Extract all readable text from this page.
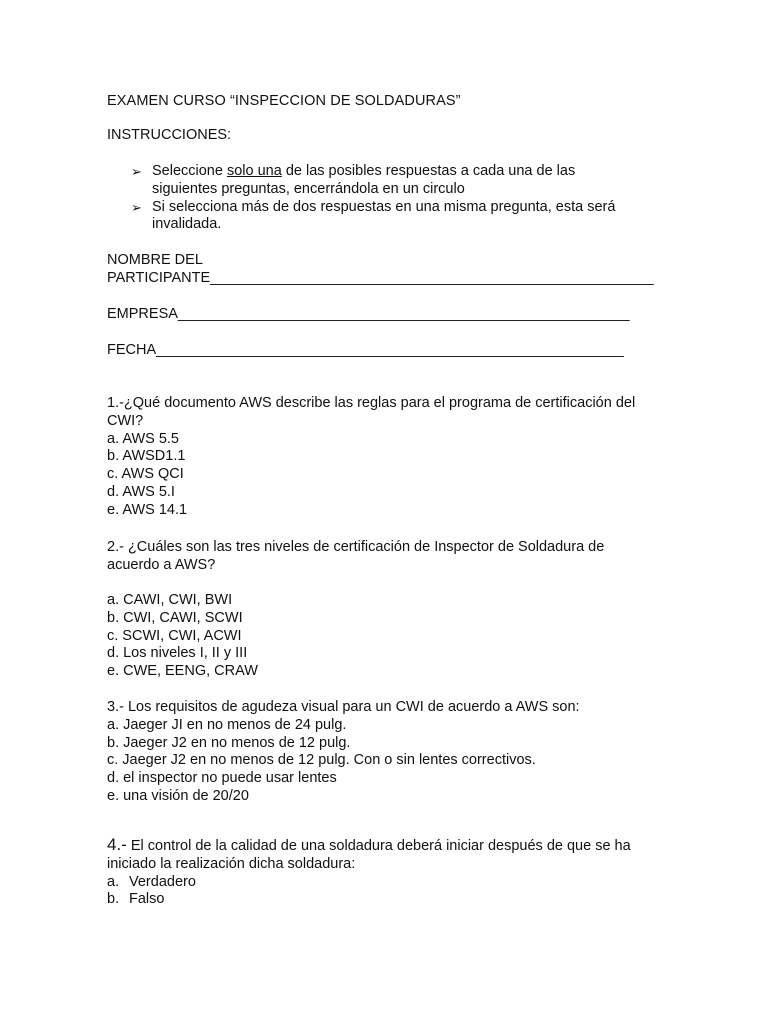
EXAMEN CURSO “INSPECCION DE SOLDADURAS”
INSTRUCCIONES:
➢ Seleccione solo una de las posibles respuestas a cada una de las siguientes preguntas, encerrándola en un circulo
➢ Si selecciona más de dos respuestas en una misma pregunta, esta será invalidada.
NOMBRE DEL
PARTICIPANTE_______________________________________________________
EMPRESA________________________________________________________
FECHA__________________________________________________________
1.-¿Qué documento AWS describe las reglas para el programa de certificación del
CWI?
a. AWS 5.5
b. AWSD1.1
c. AWS QCI
d. AWS 5.I
e. AWS 14.1
2.- ¿Cuáles son las tres niveles de certificación de Inspector de Soldadura de
acuerdo a AWS?
a. CAWI, CWI, BWI
b. CWI, CAWI, SCWI
c. SCWI, CWI, ACWI
d. Los niveles I, II y III
e. CWE, EENG, CRAW
3.- Los requisitos de agudeza visual para un CWI de acuerdo a AWS son:
a. Jaeger JI en no menos de 24 pulg.
b. Jaeger J2 en no menos de 12 pulg.
c. Jaeger J2 en no menos de 12 pulg. Con o sin lentes correctivos.
d. el inspector no puede usar lentes
e. una visión de 20/20
4.- El control de la calidad de una soldadura deberá iniciar después de que se ha
iniciado la realización dicha soldadura:
a. Verdadero
b. Falso
